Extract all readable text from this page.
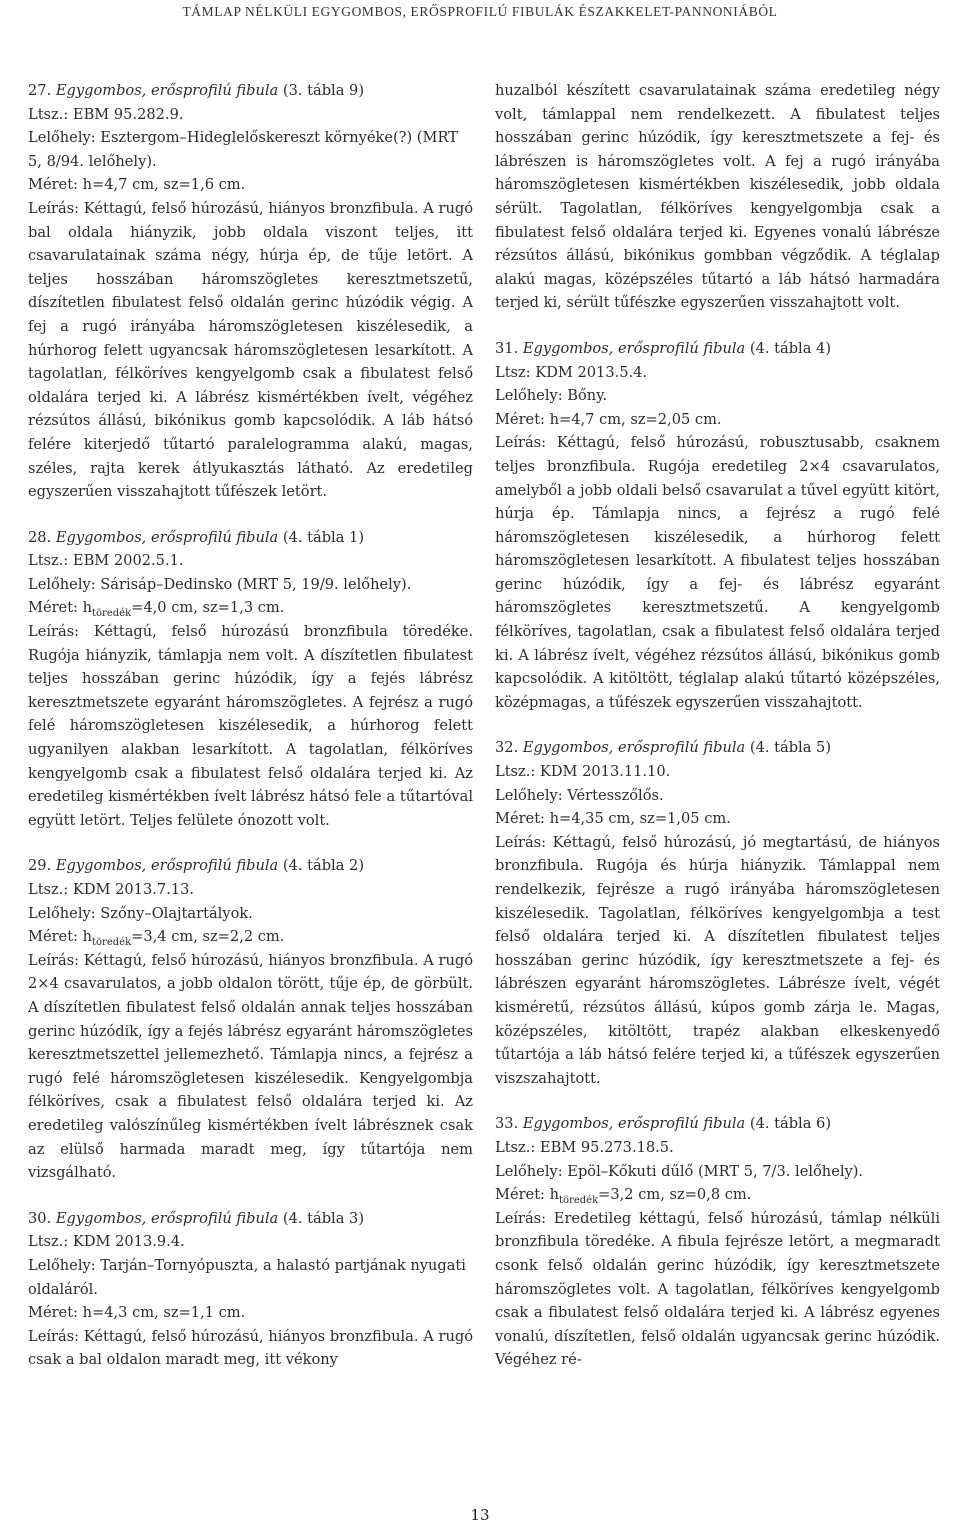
TÁMLAP NÉLKÜLI EGYGOMBOS, ERŐSPROFILÚ FIBULÁK ÉSZAKKELET-PANNONIÁBÓL
27. Egygombos, erősprofilú fibula (3. tábla 9)
Ltsz.: EBM 95.282.9.
Lelőhely: Esztergom–Hideglelőskereszt környéke(?) (MRT 5, 8/94. lelőhely).
Méret: h=4,7 cm, sz=1,6 cm.
Leírás: Kéttagú, felső húrozású, hiányos bronzfibula. A rugó bal oldala hiányzik, jobb oldala viszont teljes, itt csavarulatainak száma négy, húrja ép, de tűje letört. A teljes hosszában háromszögletes keresztmetszetű, díszítetlen fibulatest felső oldalán gerinc húzódik végig. A fej a rugó irányába háromszögletesen kiszélesedik, a húrhorog felett ugyancsak háromszögletesen lesarkított. A tagolatlan, félköríves kengyelgomb csak a fibulatest felső oldalára terjed ki. A lábrész kismértékben ívelt, végéhez rézsútos állású, bikónikus gomb kapcsolódik. A láb hátsó felére kiterjedő tűtartó paralelogramma alakú, magas, széles, rajta kerek átlyukasztás látható. Az eredetileg egyszerűen visszahajtott tűfészek letört.
28. Egygombos, erősprofilú fibula (4. tábla 1)
Ltsz.: EBM 2002.5.1.
Lelőhely: Sárisáp–Dedinsko (MRT 5, 19/9. lelőhely).
Méret: $h_{töredék}=4,0$ cm, sz=1,3 cm.
Leírás: Kéttagú, felső húrozású bronzfibula töredéke. Rugója hiányzik, támlapja nem volt. A díszítetlen fibulatest teljes hosszában gerinc húzódik, így a fejés lábrész keresztmetszete egyaránt háromszögletes. A fejrész a rugó felé háromszögletesen kiszélesedik, a húrhorog felett ugyanilyen alakban lesarkított. A tagolatlan, félköríves kengyelgomb csak a fibulatest felső oldalára terjed ki. Az eredetileg kismértékben ívelt lábrész hátsó fele a tűtartóval együtt letört. Teljes felülete ónozott volt.
29. Egygombos, erősprofilú fibula (4. tábla 2)
Ltsz.: KDM 2013.7.13.
Lelőhely: Szőny–Olajtartályok.
Méret: $h_{töredék}=3,4$ cm, sz=2,2 cm.
Leírás: Kéttagú, felső húrozású, hiányos bronzfibula. A rugó 2×4 csavarulatos, a jobb oldalon törött, tűje ép, de görbült. A díszítetlen fibulatest felső oldalán annak teljes hosszában gerinc húzódik, így a fejés lábrész egyaránt háromszögletes keresztmetszettel jellemezhető. Támlapja nincs, a fejrész a rugó felé háromszögletesen kiszélesedik. Kengyelgombja félköríves, csak a fibulatest felső oldalára terjed ki. Az eredetileg valószínűleg kismértékben ívelt lábrésznek csak az elülső harmada maradt meg, így tűtartója nem vizsgálható.
30. Egygombos, erősprofilú fibula (4. tábla 3)
Ltsz.: KDM 2013.9.4.
Lelőhely: Tarján–Tornyópuszta, a halastó partjának nyugati oldaláról.
Méret: h=4,3 cm, sz=1,1 cm.
Leírás: Kéttagú, felső húrozású, hiányos bronzfibula. A rugó csak a bal oldalon maradt meg, itt vékony
huzalból készített csavarulatainak száma eredetileg négy volt, támlappal nem rendelkezett. A fibulatest teljes hosszában gerinc húzódik, így keresztmetszete a fej- és lábrészen is háromszögletes volt. A fej a rugó irányába háromszögletesen kismértékben kiszélesedik, jobb oldala sérült. Tagolatlan, félköríves kengyelgombja csak a fibulatest felső oldalára terjed ki. Egyenes vonalú lábrésze rézsútos állású, bikónikus gombban végződik. A téglalap alakú magas, középszéles tűtartó a láb hátsó harmadára terjed ki, sérült tűfészke egyszerűen visszahajtott volt.
31. Egygombos, erősprofilú fibula (4. tábla 4)
Ltsz: KDM 2013.5.4.
Lelőhely: Bőny.
Méret: h=4,7 cm, sz=2,05 cm.
Leírás: Kéttagú, felső húrozású, robusztusabb, csaknem teljes bronzfibula. Rugója eredetileg 2×4 csavarulatos, amelyből a jobb oldali belső csavarulat a tűvel együtt kitört, húrja ép. Támlapja nincs, a fejrész a rugó felé háromszögletesen kiszélesedik, a húrhorog felett háromszögletesen lesarkított. A fibulatest teljes hosszában gerinc húzódik, így a fej- és lábrész egyaránt háromszögletes keresztmetszetű. A kengyelgomb félköríves, tagolatlan, csak a fibulatest felső oldalára terjed ki. A lábrész ívelt, végéhez rézsútos állású, bikónikus gomb kapcsolódik. A kitöltött, téglalap alakú tűtartó középszéles, középmagas, a tűfészek egyszerűen visszahajtott.
32. Egygombos, erősprofilú fibula (4. tábla 5)
Ltsz.: KDM 2013.11.10.
Lelőhely: Vértesszőlős.
Méret: h=4,35 cm, sz=1,05 cm.
Leírás: Kéttagú, felső húrozású, jó megtartású, de hiányos bronzfibula. Rugója és húrja hiányzik. Támlappal nem rendelkezik, fejrésze a rugó irányába háromszögletesen kiszélesedik. Tagolatlan, félköríves kengyelgombja a test felső oldalára terjed ki. A díszítetlen fibulatest teljes hosszában gerinc húzódik, így keresztmetszete a fej- és lábrészen egyaránt háromszögletes. Lábrésze ívelt, végét kisméretű, rézsútos állású, kúpos gomb zárja le. Magas, középszéles, kitöltött, trapéz alakban elkeskenyedő tűtartója a láb hátsó felére terjed ki, a tűfészek egyszerűen viszszahajtott.
33. Egygombos, erősprofilú fibula (4. tábla 6)
Ltsz.: EBM 95.273.18.5.
Lelőhely: Epöl–Kőkuti dűlő (MRT 5, 7/3. lelőhely).
Méret: $h_{töredék}=3,2$ cm, sz=0,8 cm.
Leírás: Eredetileg kéttagú, felső húrozású, támlap nélküli bronzfibula töredéke. A fibula fejrésze letört, a megmaradt csonk felső oldalán gerinc húzódik, így keresztmetszete háromszögletes volt. A tagolatlan, félköríves kengyelgomb csak a fibulatest felső oldalára terjed ki. A lábrész egyenes vonalú, díszítetlen, felső oldalán ugyancsak gerinc húzódik. Végéhez ré-
13
